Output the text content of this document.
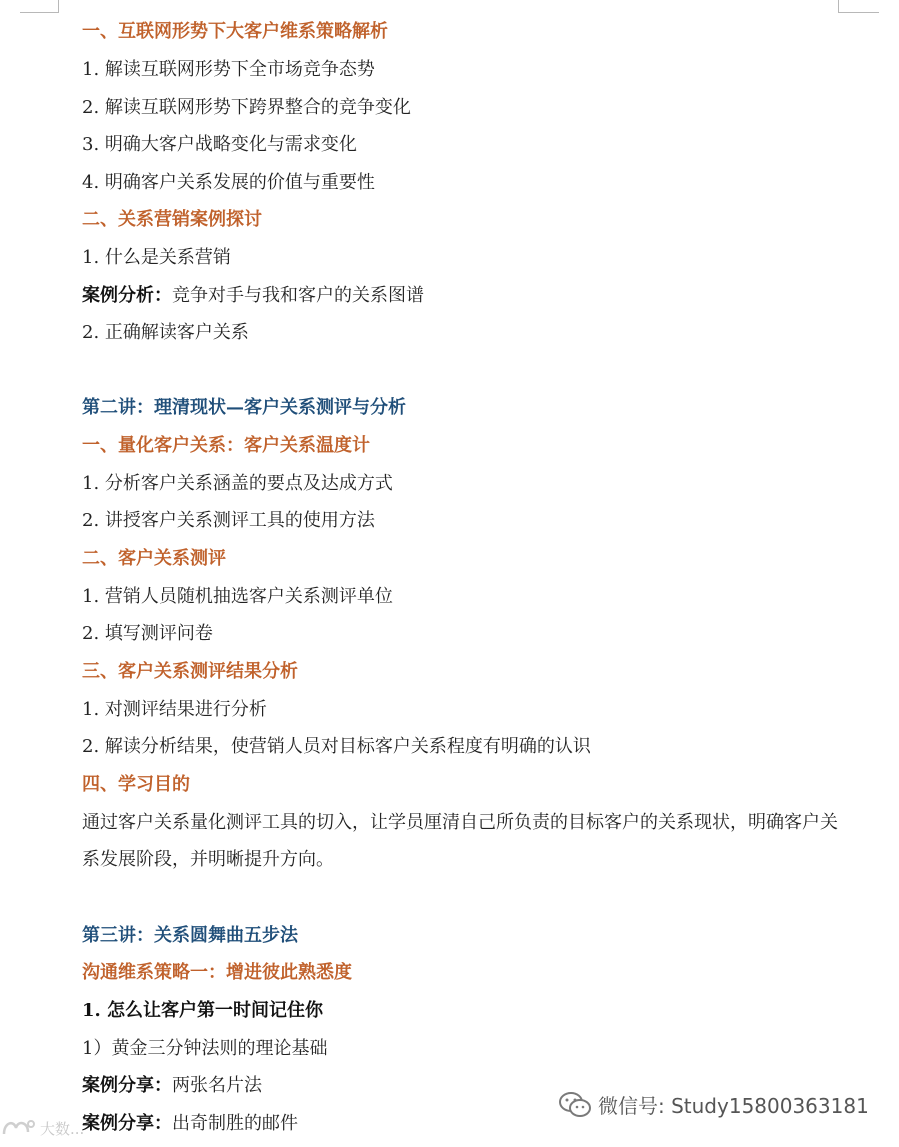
一、互联网形势下大客户维系策略解析
1. 解读互联网形势下全市场竞争态势
2. 解读互联网形势下跨界整合的竞争变化
3. 明确大客户战略变化与需求变化
4. 明确客户关系发展的价值与重要性
二、关系营销案例探讨
1. 什么是关系营销
案例分析：竞争对手与我和客户的关系图谱
2. 正确解读客户关系
第二讲：理清现状—客户关系测评与分析
一、量化客户关系：客户关系温度计
1. 分析客户关系涵盖的要点及达成方式
2. 讲授客户关系测评工具的使用方法
二、客户关系测评
1. 营销人员随机抽选客户关系测评单位
2. 填写测评问卷
三、客户关系测评结果分析
1. 对测评结果进行分析
2. 解读分析结果，使营销人员对目标客户关系程度有明确的认识
四、学习目的
通过客户关系量化测评工具的切入，让学员厘清自己所负责的目标客户的关系现状，明确客户关系发展阶段，并明晰提升方向。
第三讲：关系圆舞曲五步法
沟通维系策略一：增进彼此熟悉度
1. 怎么让客户第一时间记住你
1）黄金三分钟法则的理论基础
案例分享：两张名片法
案例分享：出奇制胜的邮件
微信号: Study15800363181
大数...
